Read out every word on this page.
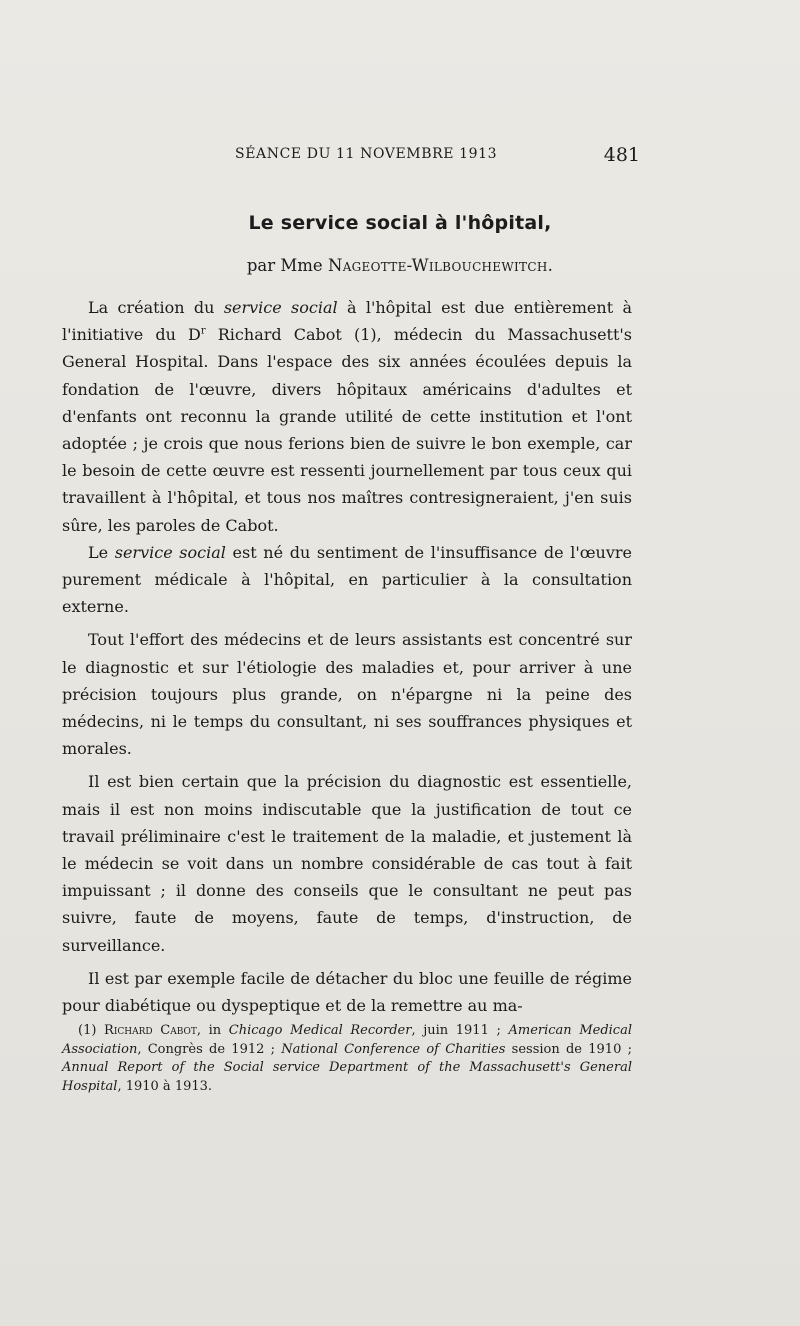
SÉANCE DU 11 NOVEMBRE 1913	481
Le service social à l'hôpital,
par Mme Nageotte-Wilbouchewitch.

La création du service social à l'hôpital est due entièrement à l'initiative du $D^r$ Richard Cabot (1), médecin du Massachusett's General Hospital. Dans l'espace des six années écoulées depuis la fondation de l'œuvre, divers hôpitaux américains d'adultes et d'enfants ont reconnu la grande utilité de cette institution et l'ont adoptée ; je crois que nous ferions bien de suivre le bon exemple, car le besoin de cette œuvre est ressenti journellement par tous ceux qui travaillent à l'hôpital, et tous nos maîtres contresigneraient, j'en suis sûre, les paroles de Cabot.

Le service social est né du sentiment de l'insuffisance de l'œuvre purement médicale à l'hôpital, en particulier à la consultation externe.

Tout l'effort des médecins et de leurs assistants est concentré sur le diagnostic et sur l'étiologie des maladies et, pour arriver à une précision toujours plus grande, on n'épargne ni la peine des médecins, ni le temps du consultant, ni ses souffrances physiques et morales.

Il est bien certain que la précision du diagnostic est essentielle, mais il est non moins indiscutable que la justification de tout ce travail préliminaire c'est le traitement de la maladie, et justement là le médecin se voit dans un nombre considérable de cas tout à fait impuissant ; il donne des conseils que le consultant ne peut pas suivre, faute de moyens, faute de temps, d'instruction, de surveillance.

Il est par exemple facile de détacher du bloc une feuille de régime pour diabétique ou dyspeptique et de la remettre au ma-

(1) Richard Cabot, in Chicago Medical Recorder, juin 1911 ; American Medical Association, Congrès de 1912 ; National Conference of Charities session de 1910 ; Annual Report of the Social service Department of the Massachusett's General Hospital, 1910 à 1913.
